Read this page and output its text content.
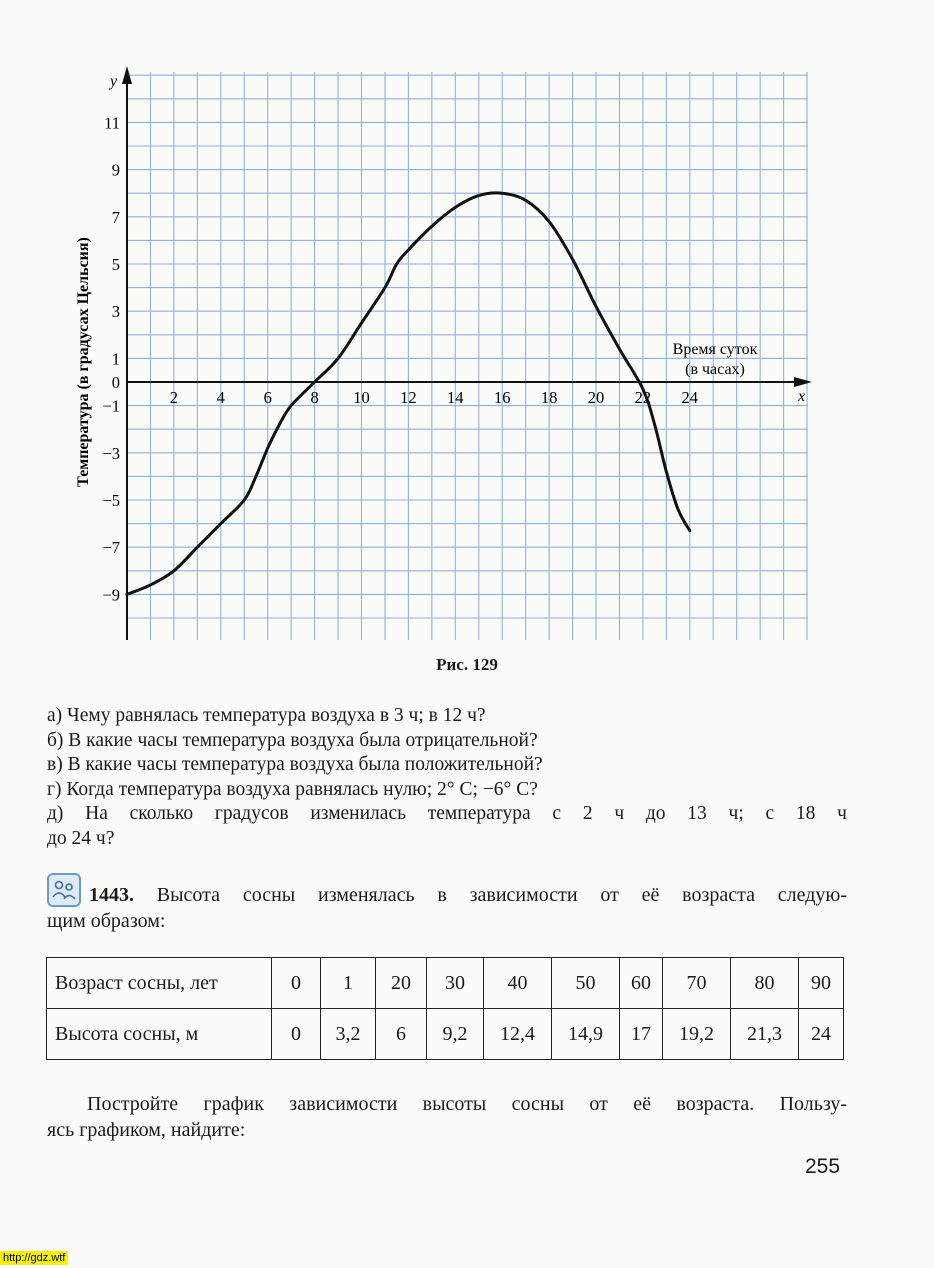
2 4 6 8 10 12 14 16 18 20 22 24
11
9
7
5
3
1
0
−1
−3
−5
−7
−9
Температура (в градусах Цельсия)	Время суток
(в часах)
x
y
Рис. 129
а) Чему равнялась температура воздуха в 3 ч; в 12 ч?
б) В какие часы температура воздуха была отрицательной?
в) В какие часы температура воздуха была положительной?
г) Когда температура воздуха равнялась нулю; 2° С; −6° С?
д) На сколько градусов изменилась температура с 2 ч до 13 ч; с 18 ч
до 24 ч?
1443. Высота сосны изменялась в зависимости от её возраста следую-
щим образом:
Возраст сосны, лет	0	1	20	30	40	50	60	70	80	90
Высота сосны, м	0	3,2	6	9,2	12,4	14,9	17	19,2	21,3	24
Постройте график зависимости высоты сосны от её возраста. Пользу-
ясь графиком, найдите:
255
http://gdz.wtf
